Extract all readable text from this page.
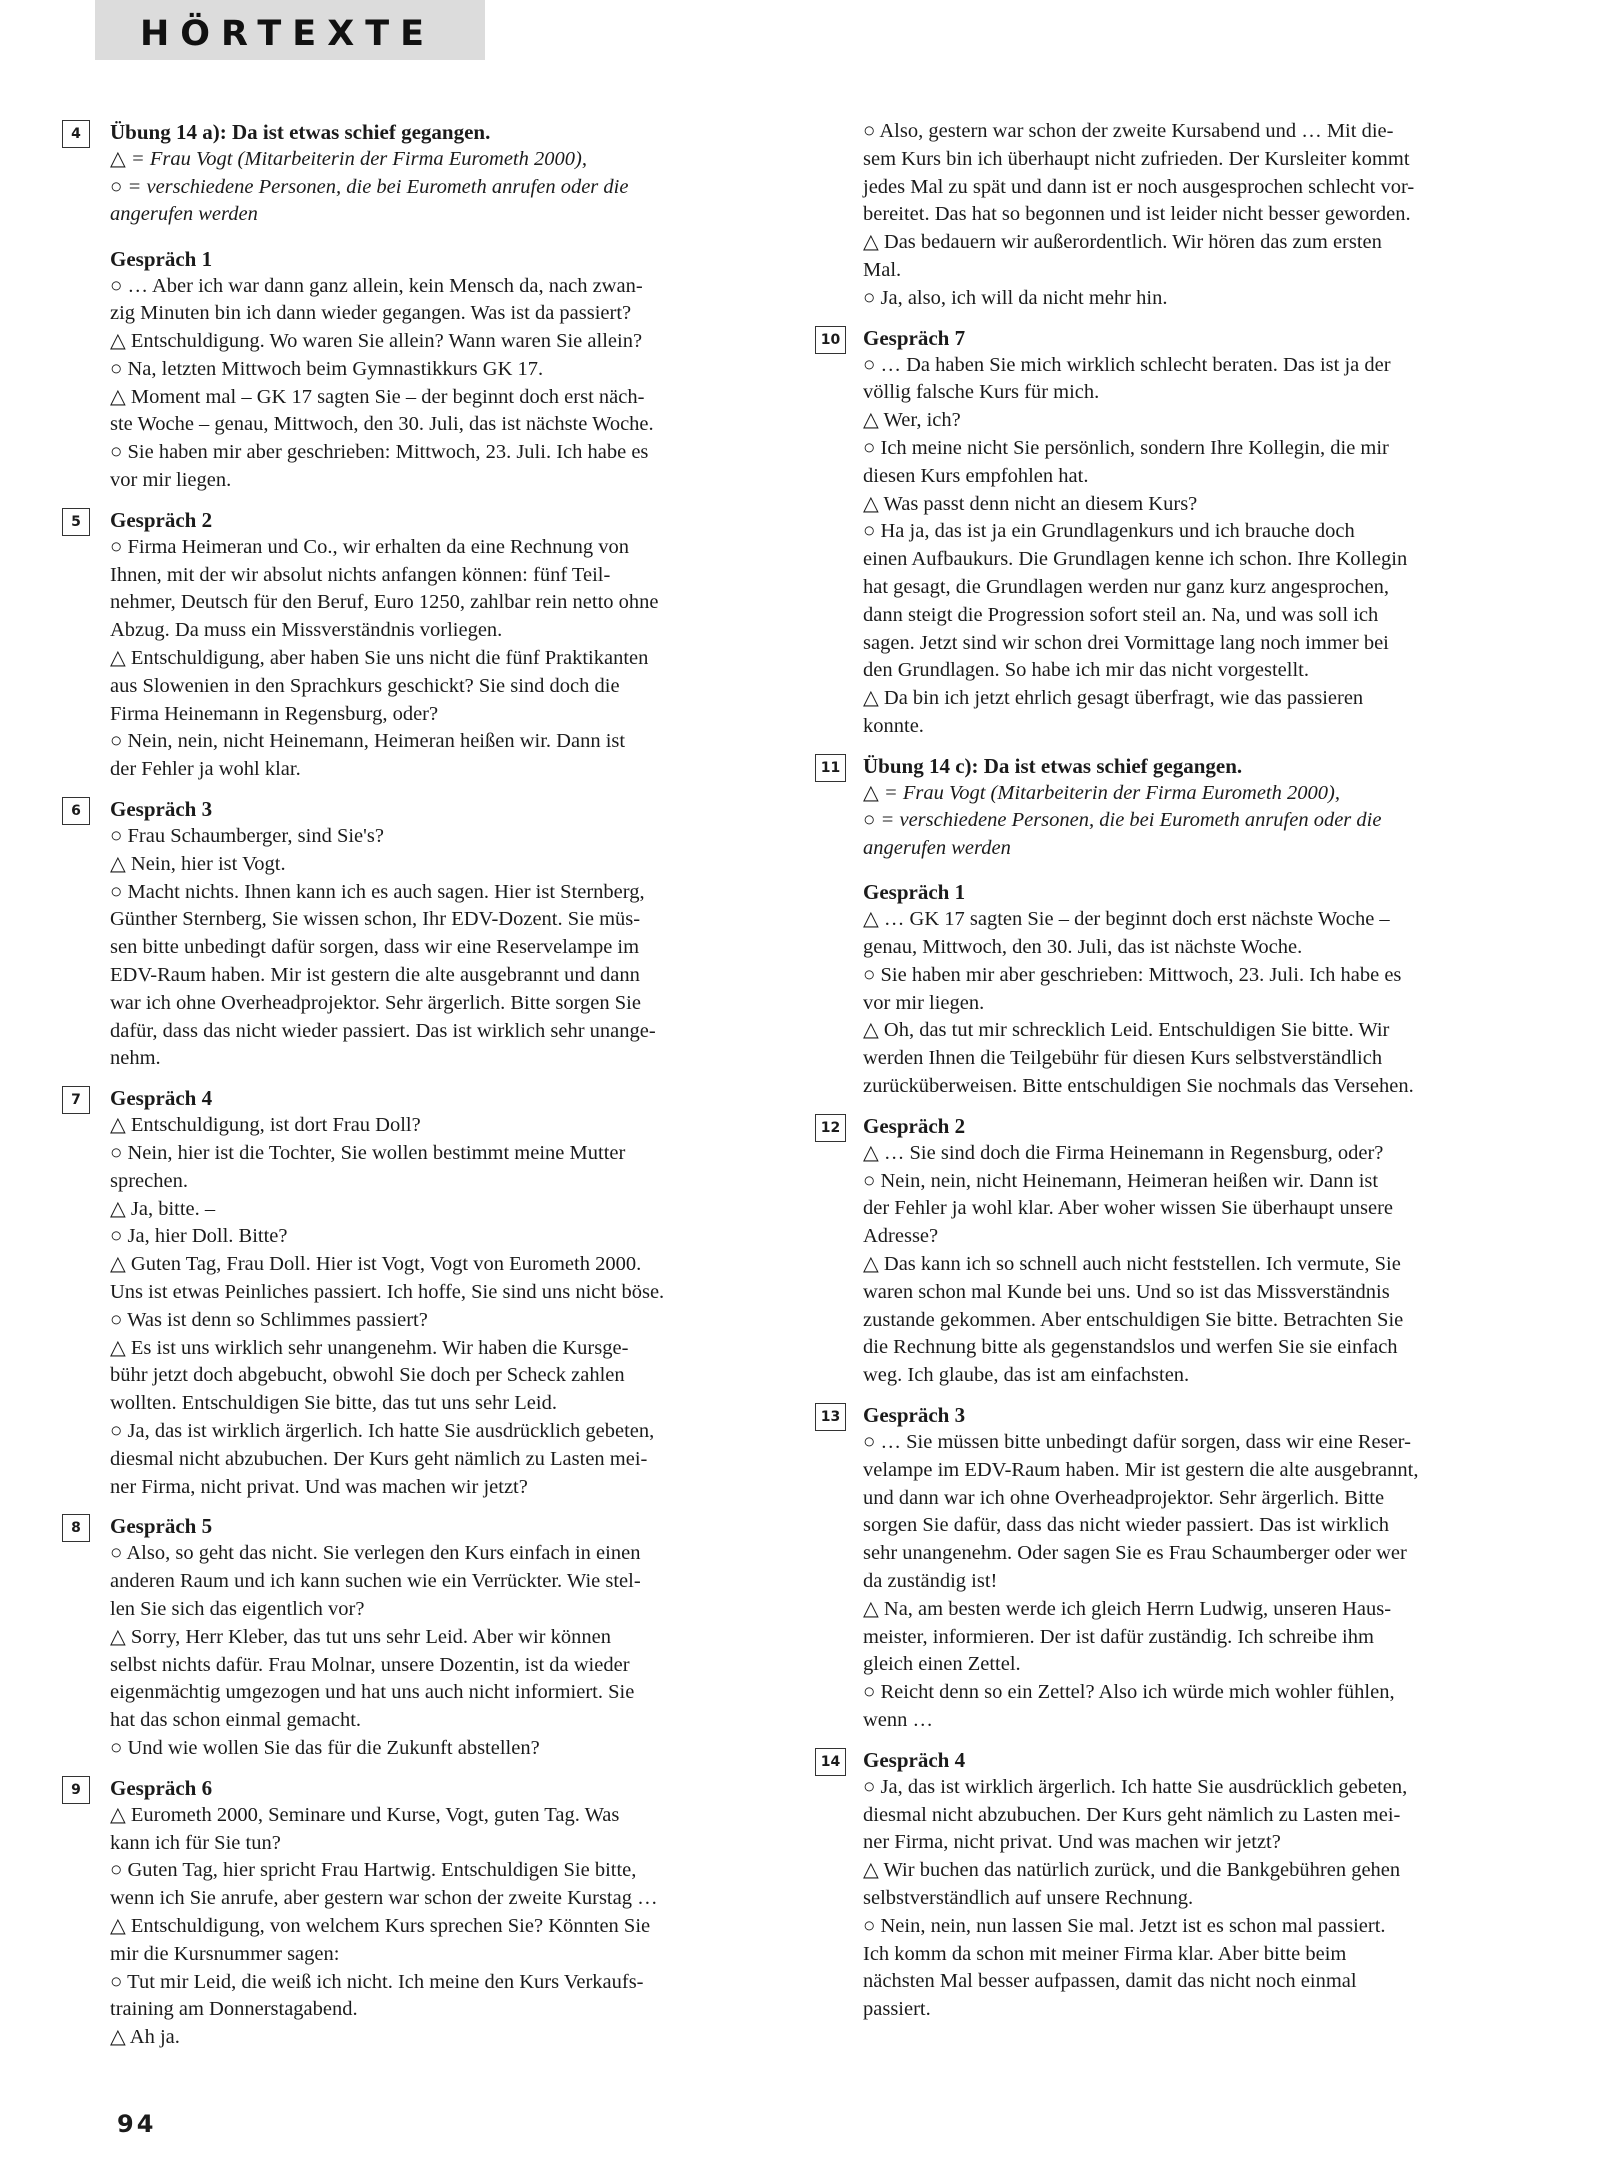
HÖRTEXTE
4	Übung 14 a): Da ist etwas schief gegangen.
△ = Frau Vogt (Mitarbeiterin der Firma Eurometh 2000),
○ = verschiedene Personen, die bei Eurometh anrufen oder die
angerufen werden
Gespräch 1
○ … Aber ich war dann ganz allein, kein Mensch da, nach zwan-
zig Minuten bin ich dann wieder gegangen. Was ist da passiert?
△ Entschuldigung. Wo waren Sie allein? Wann waren Sie allein?
○ Na, letzten Mittwoch beim Gymnastikkurs GK 17.
△ Moment mal – GK 17 sagten Sie – der beginnt doch erst näch-
ste Woche – genau, Mittwoch, den 30. Juli, das ist nächste Woche.
○ Sie haben mir aber geschrieben: Mittwoch, 23. Juli. Ich habe es
vor mir liegen.
5	Gespräch 2
○ Firma Heimeran und Co., wir erhalten da eine Rechnung von
Ihnen, mit der wir absolut nichts anfangen können: fünf Teil-
nehmer, Deutsch für den Beruf, Euro 1250, zahlbar rein netto ohne
Abzug. Da muss ein Missverständnis vorliegen.
△ Entschuldigung, aber haben Sie uns nicht die fünf Praktikanten
aus Slowenien in den Sprachkurs geschickt? Sie sind doch die
Firma Heinemann in Regensburg, oder?
○ Nein, nein, nicht Heinemann, Heimeran heißen wir. Dann ist
der Fehler ja wohl klar.
6	Gespräch 3
○ Frau Schaumberger, sind Sie's?
△ Nein, hier ist Vogt.
○ Macht nichts. Ihnen kann ich es auch sagen. Hier ist Sternberg,
Günther Sternberg, Sie wissen schon, Ihr EDV-Dozent. Sie müs-
sen bitte unbedingt dafür sorgen, dass wir eine Reservelampe im
EDV-Raum haben. Mir ist gestern die alte ausgebrannt und dann
war ich ohne Overheadprojektor. Sehr ärgerlich. Bitte sorgen Sie
dafür, dass das nicht wieder passiert. Das ist wirklich sehr unange-
nehm.
7	Gespräch 4
△ Entschuldigung, ist dort Frau Doll?
○ Nein, hier ist die Tochter, Sie wollen bestimmt meine Mutter
sprechen.
△ Ja, bitte. –
○ Ja, hier Doll. Bitte?
△ Guten Tag, Frau Doll. Hier ist Vogt, Vogt von Eurometh 2000.
Uns ist etwas Peinliches passiert. Ich hoffe, Sie sind uns nicht böse.
○ Was ist denn so Schlimmes passiert?
△ Es ist uns wirklich sehr unangenehm. Wir haben die Kursge-
bühr jetzt doch abgebucht, obwohl Sie doch per Scheck zahlen
wollten. Entschuldigen Sie bitte, das tut uns sehr Leid.
○ Ja, das ist wirklich ärgerlich. Ich hatte Sie ausdrücklich gebeten,
diesmal nicht abzubuchen. Der Kurs geht nämlich zu Lasten mei-
ner Firma, nicht privat. Und was machen wir jetzt?
8	Gespräch 5
○ Also, so geht das nicht. Sie verlegen den Kurs einfach in einen
anderen Raum und ich kann suchen wie ein Verrückter. Wie stel-
len Sie sich das eigentlich vor?
△ Sorry, Herr Kleber, das tut uns sehr Leid. Aber wir können
selbst nichts dafür. Frau Molnar, unsere Dozentin, ist da wieder
eigenmächtig umgezogen und hat uns auch nicht informiert. Sie
hat das schon einmal gemacht.
○ Und wie wollen Sie das für die Zukunft abstellen?
9	Gespräch 6
△ Eurometh 2000, Seminare und Kurse, Vogt, guten Tag. Was
kann ich für Sie tun?
○ Guten Tag, hier spricht Frau Hartwig. Entschuldigen Sie bitte,
wenn ich Sie anrufe, aber gestern war schon der zweite Kurstag …
△ Entschuldigung, von welchem Kurs sprechen Sie? Könnten Sie
mir die Kursnummer sagen:
○ Tut mir Leid, die weiß ich nicht. Ich meine den Kurs Verkaufs-
training am Donnerstagabend.
△ Ah ja.
○ Also, gestern war schon der zweite Kursabend und … Mit die-
sem Kurs bin ich überhaupt nicht zufrieden. Der Kursleiter kommt
jedes Mal zu spät und dann ist er noch ausgesprochen schlecht vor-
bereitet. Das hat so begonnen und ist leider nicht besser geworden.
△ Das bedauern wir außerordentlich. Wir hören das zum ersten
Mal.
○ Ja, also, ich will da nicht mehr hin.
10 Gespräch 7
○ … Da haben Sie mich wirklich schlecht beraten. Das ist ja der
völlig falsche Kurs für mich.
△ Wer, ich?
○ Ich meine nicht Sie persönlich, sondern Ihre Kollegin, die mir
diesen Kurs empfohlen hat.
△ Was passt denn nicht an diesem Kurs?
○ Ha ja, das ist ja ein Grundlagenkurs und ich brauche doch
einen Aufbaukurs. Die Grundlagen kenne ich schon. Ihre Kollegin
hat gesagt, die Grundlagen werden nur ganz kurz angesprochen,
dann steigt die Progression sofort steil an. Na, und was soll ich
sagen. Jetzt sind wir schon drei Vormittage lang noch immer bei
den Grundlagen. So habe ich mir das nicht vorgestellt.
△ Da bin ich jetzt ehrlich gesagt überfragt, wie das passieren
konnte.
11 Übung 14 c): Da ist etwas schief gegangen.
△ = Frau Vogt (Mitarbeiterin der Firma Eurometh 2000),
○ = verschiedene Personen, die bei Eurometh anrufen oder die
angerufen werden
Gespräch 1
△ … GK 17 sagten Sie – der beginnt doch erst nächste Woche –
genau, Mittwoch, den 30. Juli, das ist nächste Woche.
○ Sie haben mir aber geschrieben: Mittwoch, 23. Juli. Ich habe es
vor mir liegen.
△ Oh, das tut mir schrecklich Leid. Entschuldigen Sie bitte. Wir
werden Ihnen die Teilgebühr für diesen Kurs selbstverständlich
zurücküberweisen. Bitte entschuldigen Sie nochmals das Versehen.
12 Gespräch 2
△ … Sie sind doch die Firma Heinemann in Regensburg, oder?
○ Nein, nein, nicht Heinemann, Heimeran heißen wir. Dann ist
der Fehler ja wohl klar. Aber woher wissen Sie überhaupt unsere
Adresse?
△ Das kann ich so schnell auch nicht feststellen. Ich vermute, Sie
waren schon mal Kunde bei uns. Und so ist das Missverständnis
zustande gekommen. Aber entschuldigen Sie bitte. Betrachten Sie
die Rechnung bitte als gegenstandslos und werfen Sie sie einfach
weg. Ich glaube, das ist am einfachsten.
13 Gespräch 3
○ … Sie müssen bitte unbedingt dafür sorgen, dass wir eine Reser-
velampe im EDV-Raum haben. Mir ist gestern die alte ausgebrannt,
und dann war ich ohne Overheadprojektor. Sehr ärgerlich. Bitte
sorgen Sie dafür, dass das nicht wieder passiert. Das ist wirklich
sehr unangenehm. Oder sagen Sie es Frau Schaumberger oder wer
da zuständig ist!
△ Na, am besten werde ich gleich Herrn Ludwig, unseren Haus-
meister, informieren. Der ist dafür zuständig. Ich schreibe ihm
gleich einen Zettel.
○ Reicht denn so ein Zettel? Also ich würde mich wohler fühlen,
wenn …
14 Gespräch 4
○ Ja, das ist wirklich ärgerlich. Ich hatte Sie ausdrücklich gebeten,
diesmal nicht abzubuchen. Der Kurs geht nämlich zu Lasten mei-
ner Firma, nicht privat. Und was machen wir jetzt?
△ Wir buchen das natürlich zurück, und die Bankgebühren gehen
selbstverständlich auf unsere Rechnung.
○ Nein, nein, nun lassen Sie mal. Jetzt ist es schon mal passiert.
Ich komm da schon mit meiner Firma klar. Aber bitte beim
nächsten Mal besser aufpassen, damit das nicht noch einmal
passiert.
94
